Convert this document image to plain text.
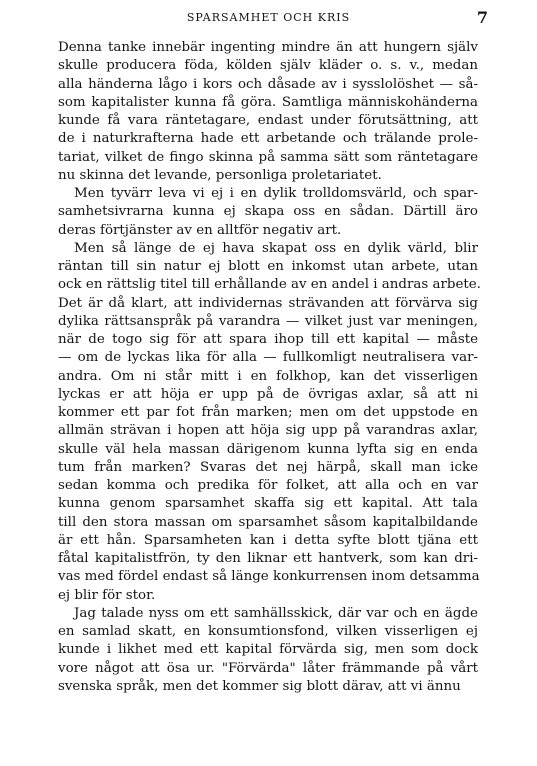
SPARSAMHET OCH KRIS	7
Denna tanke innebär ingenting mindre än att hungern själv
skulle producera föda, kölden själv kläder o. s. v., medan
alla händerna lågo i kors och dåsade av i sysslolöshet — så-
som kapitalister kunna få göra. Samtliga människohänderna
kunde få vara räntetagare, endast under förutsättning, att
de i naturkrafterna hade ett arbetande och trälande prole-
tariat, vilket de fingo skinna på samma sätt som räntetagare
nu skinna det levande, personliga proletariatet.
Men tyvärr leva vi ej i en dylik trolldomsvärld, och spar-
samhetsivrarna kunna ej skapa oss en sådan. Därtill äro
deras förtjänster av en alltför negativ art.
Men så länge de ej hava skapat oss en dylik värld, blir
räntan till sin natur ej blott en inkomst utan arbete, utan
ock en rättslig titel till erhållande av en andel i andras arbete.
Det är då klart, att individernas strävanden att förvärva sig
dylika rättsanspråk på varandra — vilket just var meningen,
när de togo sig för att spara ihop till ett kapital — måste
— om de lyckas lika för alla — fullkomligt neutralisera var-
andra. Om ni står mitt i en folkhop, kan det visserligen
lyckas er att höja er upp på de övrigas axlar, så att ni
kommer ett par fot från marken; men om det uppstode en
allmän strävan i hopen att höja sig upp på varandras axlar,
skulle väl hela massan därigenom kunna lyfta sig en enda
tum från marken? Svaras det nej härpå, skall man icke
sedan komma och predika för folket, att alla och en var
kunna genom sparsamhet skaffa sig ett kapital. Att tala
till den stora massan om sparsamhet såsom kapitalbildande
är ett hån. Sparsamheten kan i detta syfte blott tjäna ett
fåtal kapitalistfrön, ty den liknar ett hantverk, som kan dri-
vas med fördel endast så länge konkurrensen inom detsamma
ej blir för stor.
Jag talade nyss om ett samhällsskick, där var och en ägde
en samlad skatt, en konsumtionsfond, vilken visserligen ej
kunde i likhet med ett kapital förvärda sig, men som dock
vore något att ösa ur. "Förvärda" låter främmande på vårt
svenska språk, men det kommer sig blott därav, att vi ännu
